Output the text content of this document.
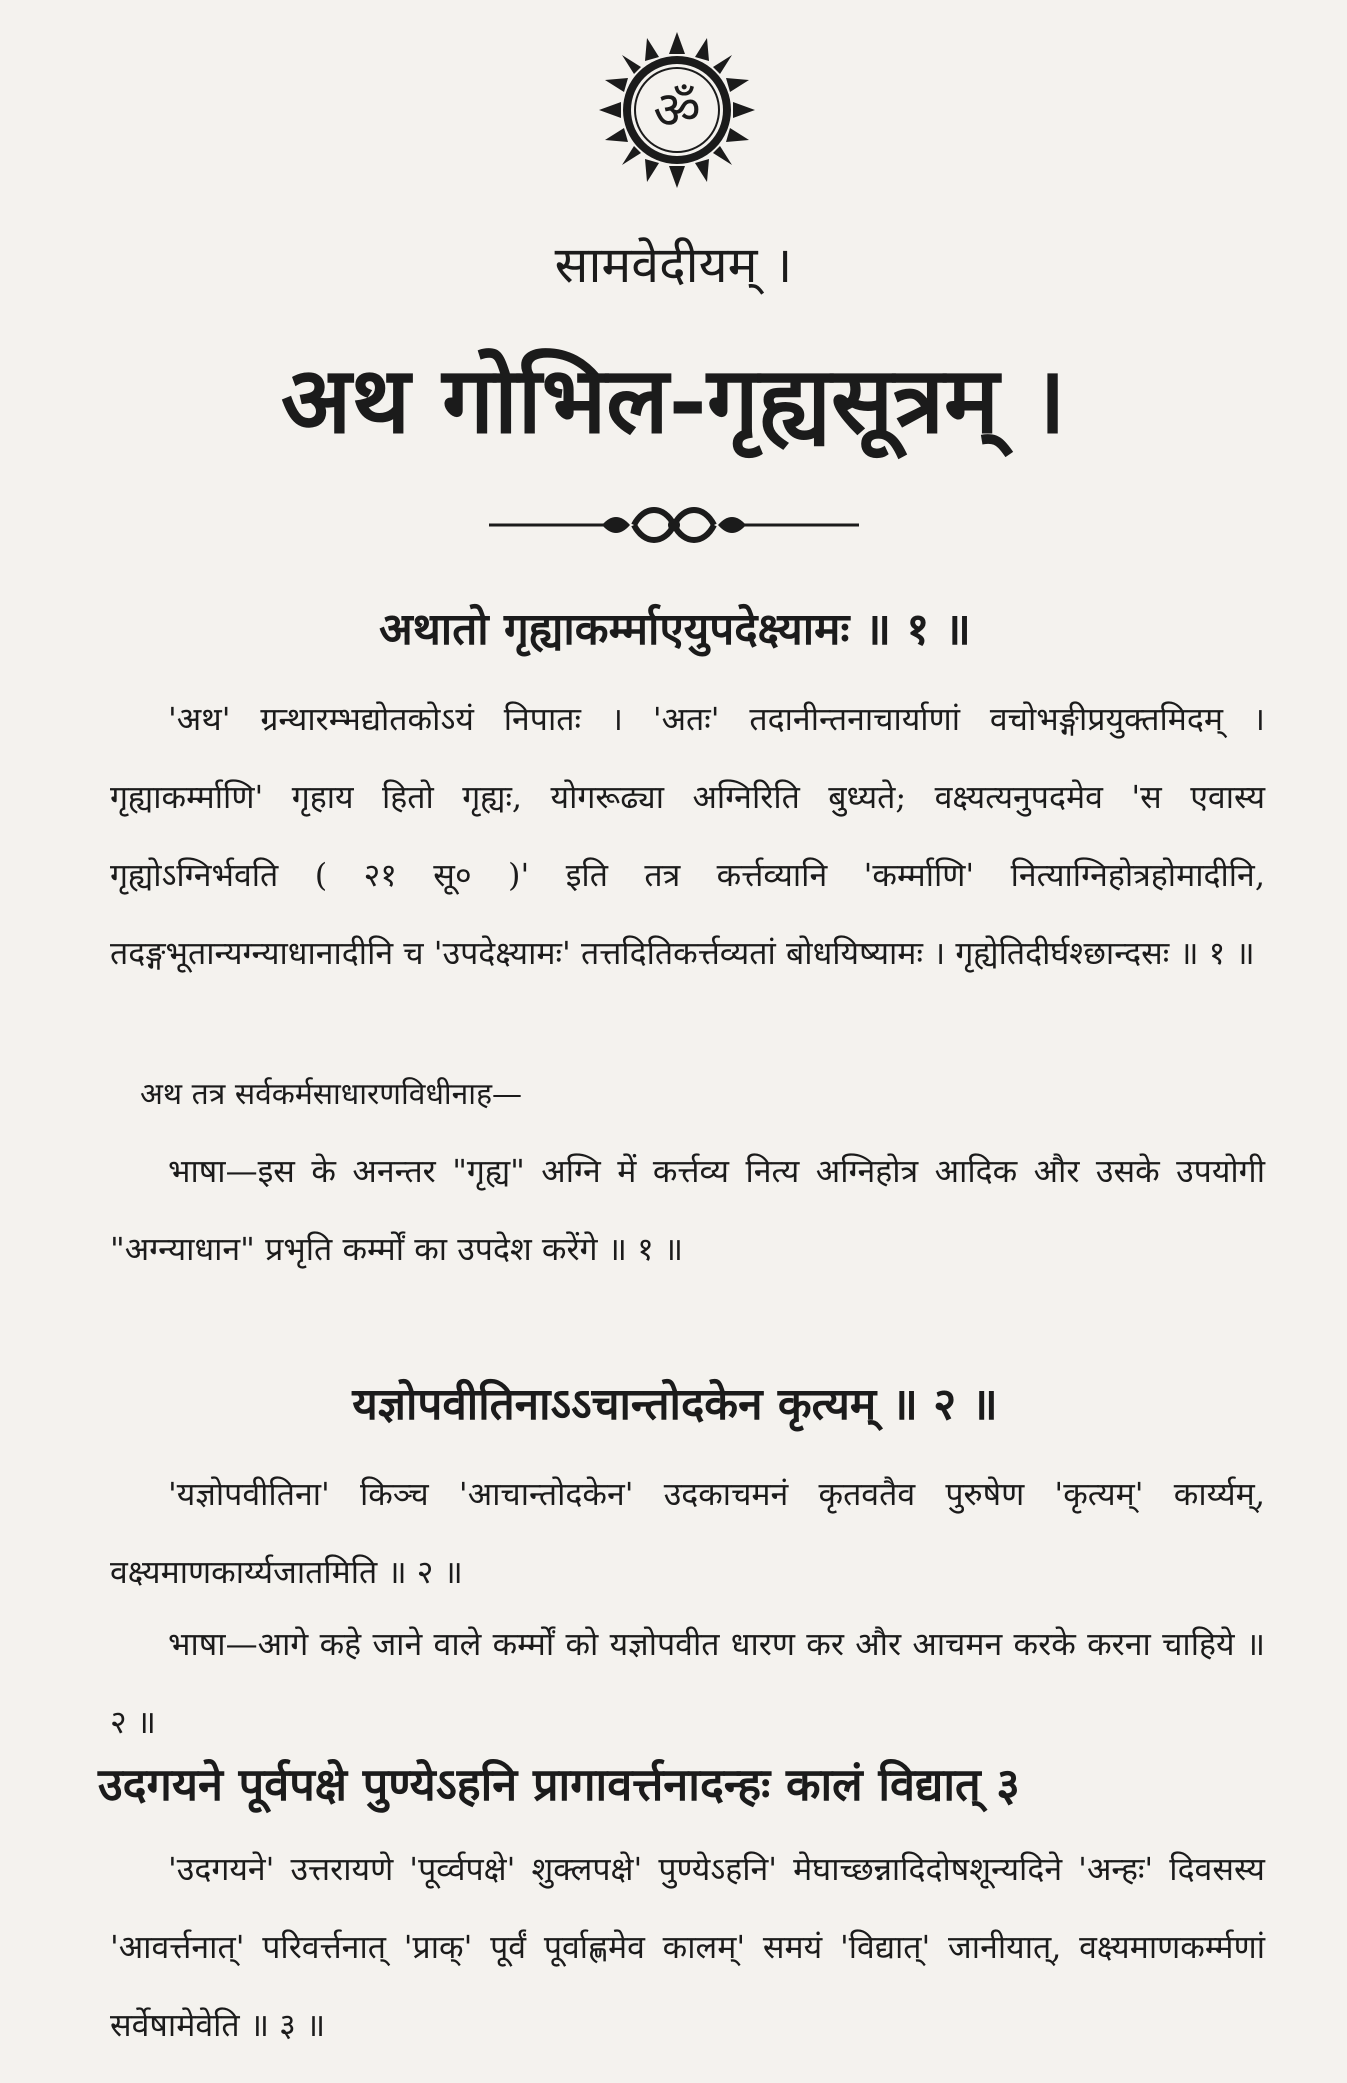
ॐ
सामवेदीयम् ।
अथ गोभिल-गृह्यसूत्रम् ।
अथातो गृह्याकर्म्माएयुपदेक्ष्यामः ॥ १ ॥
'अथ' ग्रन्थारम्भद्योतकोऽयं निपातः । 'अतः' तदानीन्तनाचार्याणां वचोभङ्गीप्रयुक्तमिदम् । गृह्याकर्म्माणि' गृहाय हितो गृह्यः, योगरूढ्या अग्निरिति बुध्यते; वक्ष्यत्यनुपदमेव 'स एवास्य गृह्योऽग्निर्भवति ( २१ सू० )' इति तत्र कर्त्तव्यानि 'कर्म्माणि' नित्याग्निहोत्रहोमादीनि, तदङ्गभूतान्यग्न्याधानादीनि च 'उपदेक्ष्यामः' तत्तदितिकर्त्तव्यतां बोधयिष्यामः । गृह्येतिदीर्घश्छान्दसः ॥ १ ॥
अथ तत्र सर्वकर्मसाधारणविधीनाह—
भाषा—इस के अनन्तर "गृह्य" अग्नि में कर्त्तव्य नित्य अग्निहोत्र आदिक और उसके उपयोगी "अग्न्याधान" प्रभृति कर्म्मों का उपदेश करेंगे ॥ १ ॥
यज्ञोपवीतिनाऽऽचान्तोदकेन कृत्यम् ॥ २ ॥
'यज्ञोपवीतिना' किञ्च 'आचान्तोदकेन' उदकाचमनं कृतवतैव पुरुषेण 'कृत्यम्' कार्य्यम्, वक्ष्यमाणकार्य्यजातमिति ॥ २ ॥
भाषा—आगे कहे जाने वाले कर्म्मों को यज्ञोपवीत धारण कर और आचमन करके करना चाहिये ॥ २ ॥
उदगयने पूर्वपक्षे पुण्येऽहनि प्रागावर्त्तनादन्हः कालं विद्यात् ३
'उदगयने' उत्तरायणे 'पूर्व्वपक्षे' शुक्लपक्षे' पुण्येऽहनि' मेघाच्छन्नादिदोषशून्यदिने 'अन्हः' दिवसस्य 'आवर्त्तनात्' परिवर्त्तनात् 'प्राक्' पूर्वं पूर्वाह्णमेव कालम्' समयं 'विद्यात्' जानीयात्, वक्ष्यमाणकर्म्मणां सर्वेषामेवेति ॥ ३ ॥
